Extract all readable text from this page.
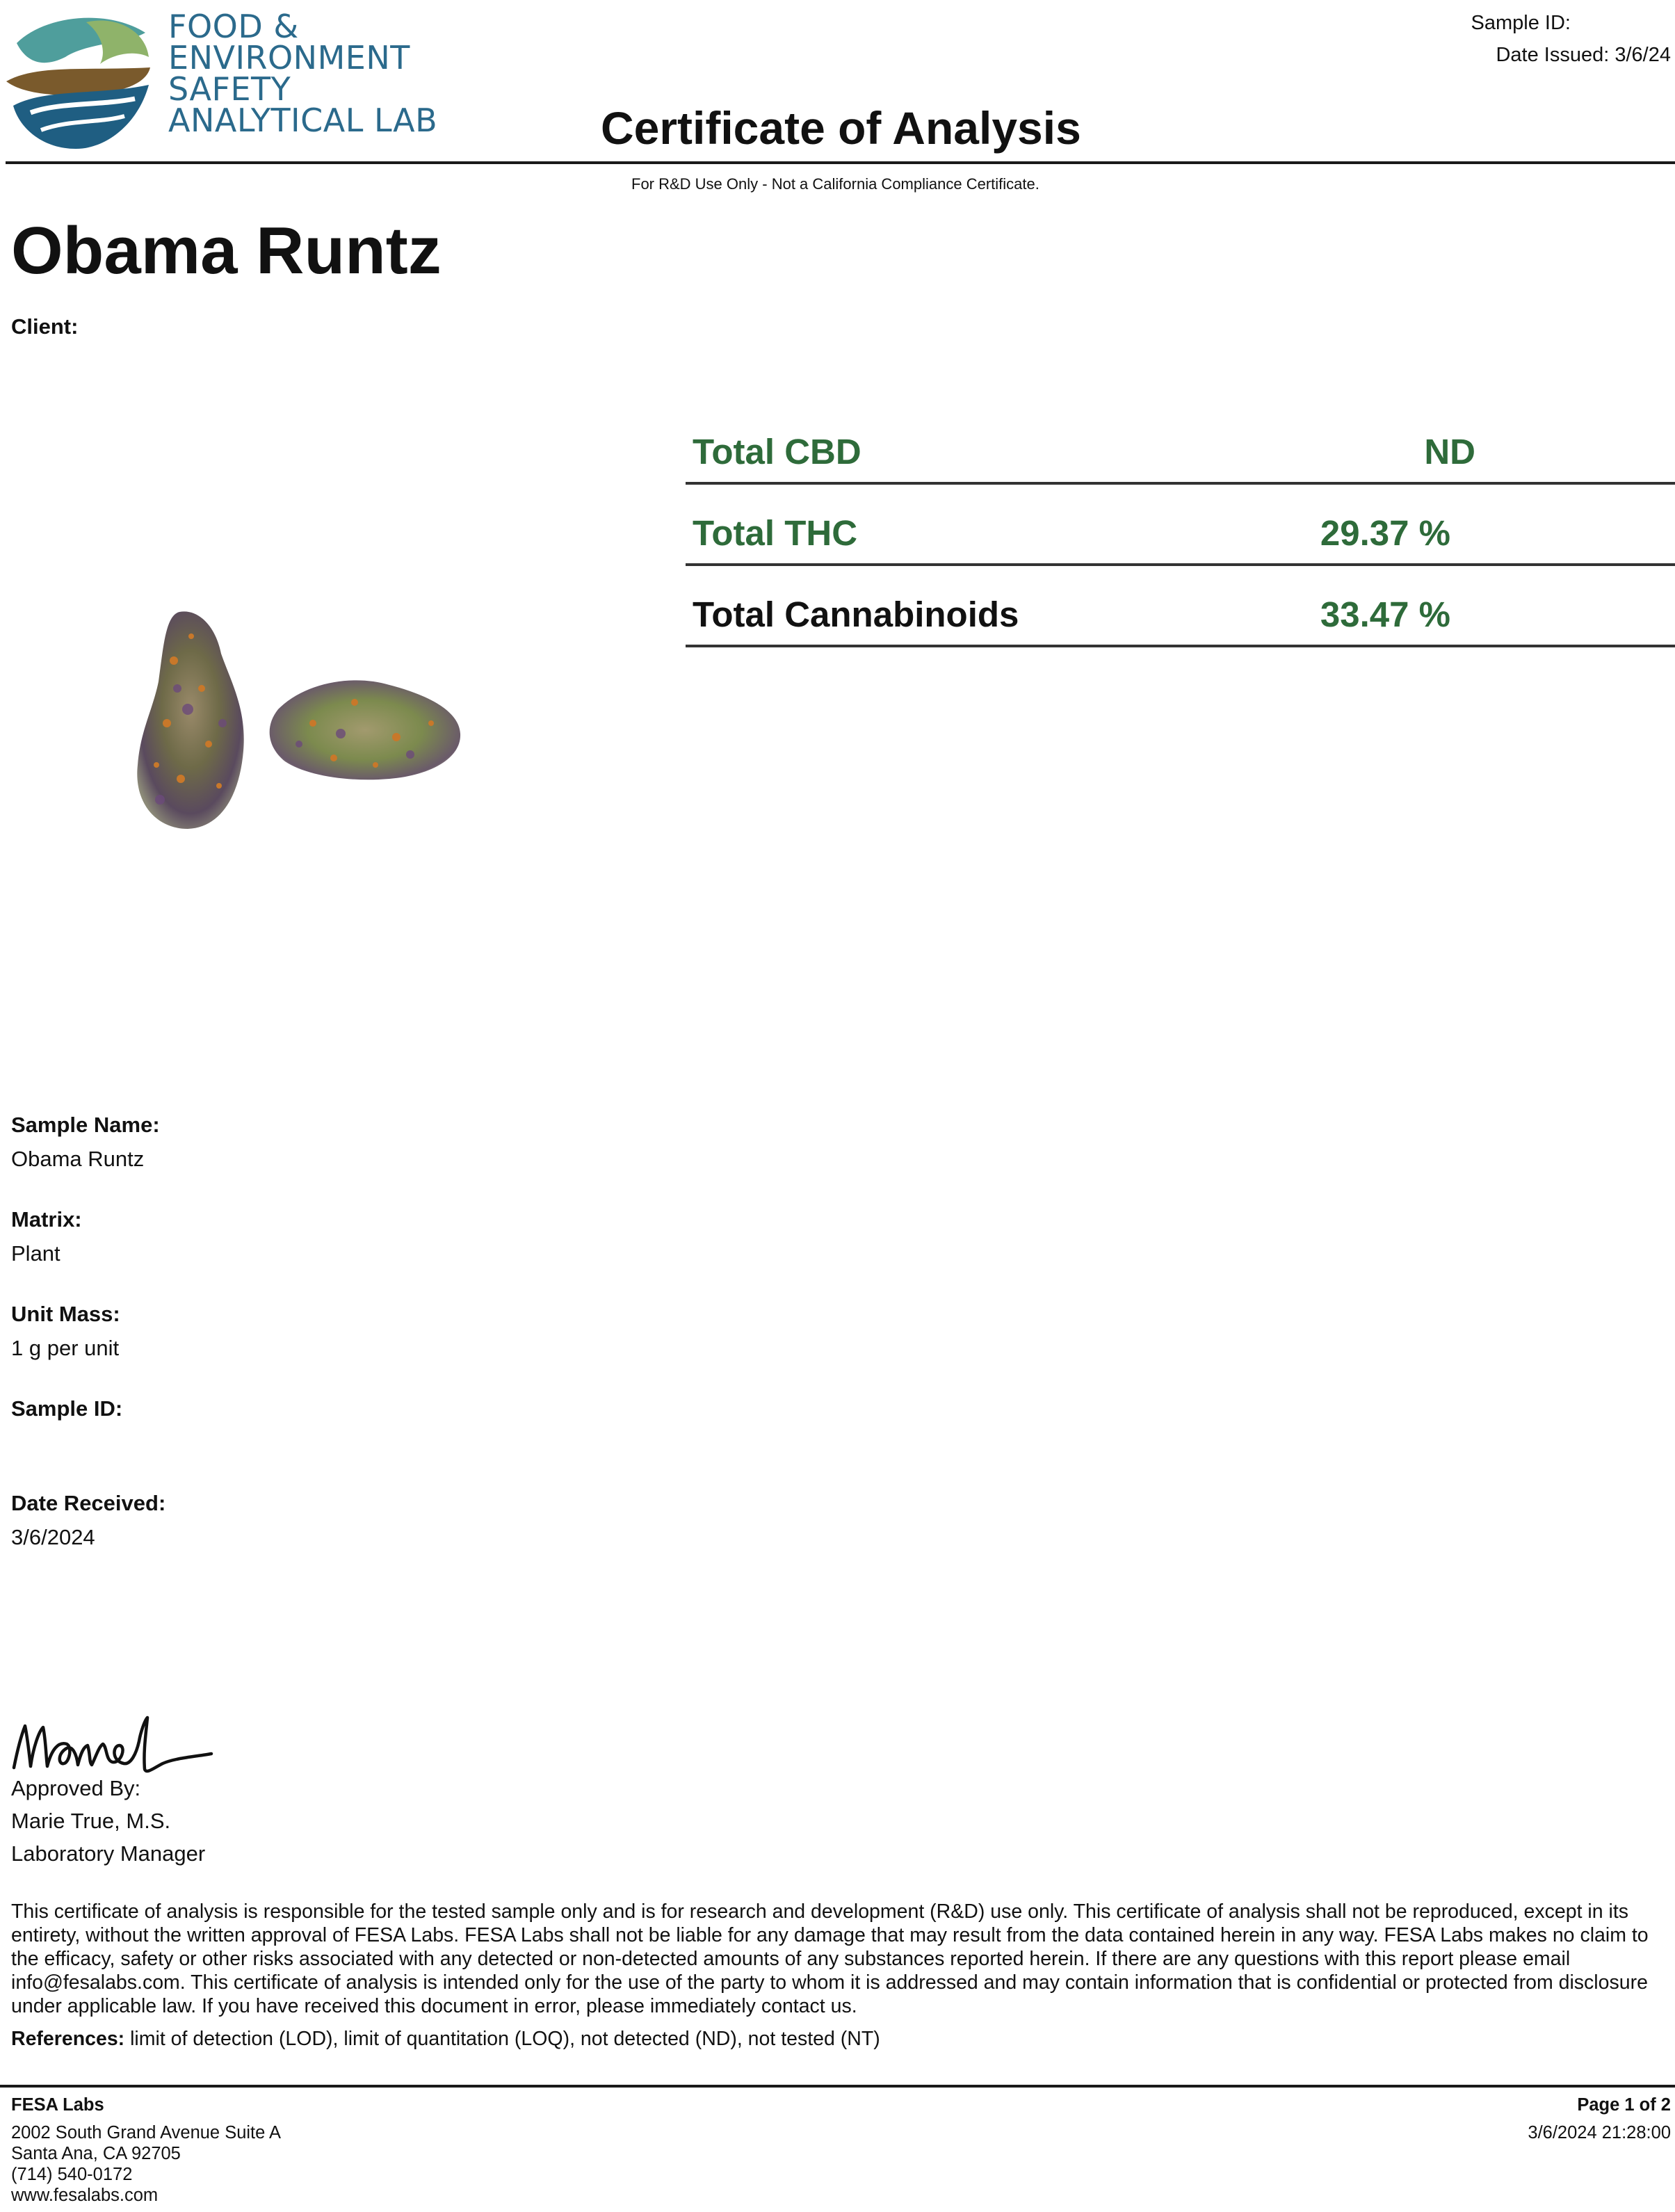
FOOD &
ENVIRONMENT
SAFETY
ANALYTICAL LAB	Certificate of Analysis
Sample ID:
Date Issued: 3/6/24
For R&D Use Only - Not a California Compliance Certificate.
Obama Runtz
Client:
Total CBD	ND
Total THC	29.37 %
Total Cannabinoids	33.47 %
Sample Name:
Obama Runtz
Matrix:
Plant
Unit Mass:
1 g per unit
Sample ID:
Date Received:
3/6/2024
Approved By:
Marie True, M.S.
Laboratory Manager
This certificate of analysis is responsible for the tested sample only and is for research and development (R&D) use only. This certificate of analysis shall not be reproduced, except in its entirety, without the written approval of FESA Labs. FESA Labs shall not be liable for any damage that may result from the data contained herein in any way. FESA Labs makes no claim to the efficacy, safety or other risks associated with any detected or non-detected amounts of any substances reported herein. If there are any questions with this report please email info@fesalabs.com. This certificate of analysis is intended only for the use of the party to whom it is addressed and may contain information that is confidential or protected from disclosure under applicable law. If you have received this document in error, please immediately contact us.
References: limit of detection (LOD), limit of quantitation (LOQ), not detected (ND), not tested (NT)
FESA Labs
2002 South Grand Avenue Suite A
Santa Ana, CA 92705
(714) 540-0172
www.fesalabs.com
Page 1 of 2
3/6/2024 21:28:00
